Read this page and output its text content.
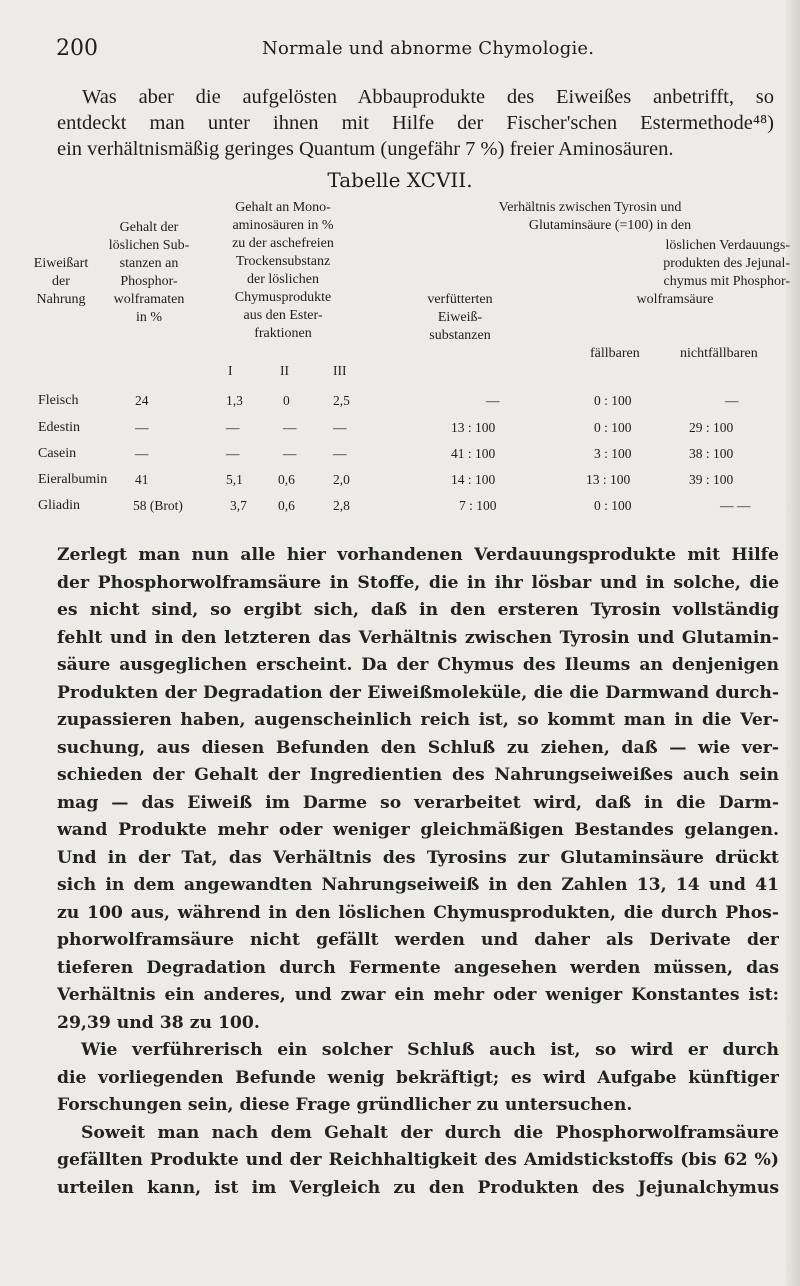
200	Normale und abnorme Chymologie.

Was aber die aufgelösten Abbauprodukte des Eiweißes anbetrifft, so
entdeckt man unter ihnen mit Hilfe der Fischer'schen Estermethode⁴⁸)
ein verhältnismäßig geringes Quantum (ungefähr 7 %) freier Aminosäuren.

Tabelle XCVII.
Eiweißart
der
Nahrung
Gehalt der
löslichen Sub-
stanzen an
Phosphor-
wolframaten
in %
Gehalt an Mono-
aminosäuren in %
zu der aschefreien
Trockensubstanz
der löslichen
Chymusprodukte
aus den Ester-
fraktionen
I	II	III
Verhältnis zwischen Tyrosin und
Glutaminsäure (=100) in den
verfütterten
Eiweiß-
substanzen
löslichen Verdauungs-
produkten des Jejunal-
chymus mit Phosphor-
wolframsäure
fällbaren	nichtfällbaren
Fleisch	24	1,3	0	2,5	—	0 : 100	—
Edestin	—	—	—	—	13 : 100	0 : 100	29 : 100
Casein	—	—	—	—	41 : 100	3 : 100	38 : 100
Eieralbumin 41	5,1	0,6	2,0	14 : 100	13 : 100	39 : 100
Gliadin	58 (Brot)	3,7 0,6	2,8	7 : 100	0 : 100	— —
Zerlegt man nun alle hier vorhandenen Verdauungsprodukte mit Hilfe
der Phosphorwolframsäure in Stoffe, die in ihr lösbar und in solche, die
es nicht sind, so ergibt sich, daß in den ersteren Tyrosin vollständig
fehlt und in den letzteren das Verhältnis zwischen Tyrosin und Glutamin-
säure ausgeglichen erscheint. Da der Chymus des Ileums an denjenigen
Produkten der Degradation der Eiweißmoleküle, die die Darmwand durch-
zupassieren haben, augenscheinlich reich ist, so kommt man in die Ver-
suchung, aus diesen Befunden den Schluß zu ziehen, daß — wie ver-
schieden der Gehalt der Ingredientien des Nahrungseiweißes auch sein
mag — das Eiweiß im Darme so verarbeitet wird, daß in die Darm-
wand Produkte mehr oder weniger gleichmäßigen Bestandes gelangen.
Und in der Tat, das Verhältnis des Tyrosins zur Glutaminsäure drückt
sich in dem angewandten Nahrungseiweiß in den Zahlen 13, 14 und 41
zu 100 aus, während in den löslichen Chymusprodukten, die durch Phos-
phorwolframsäure nicht gefällt werden und daher als Derivate der
tieferen Degradation durch Fermente angesehen werden müssen, das
Verhältnis ein anderes, und zwar ein mehr oder weniger Konstantes ist:
29,39 und 38 zu 100.
Wie verführerisch ein solcher Schluß auch ist, so wird er durch
die vorliegenden Befunde wenig bekräftigt; es wird Aufgabe künftiger
Forschungen sein, diese Frage gründlicher zu untersuchen.
Soweit man nach dem Gehalt der durch die Phosphorwolframsäure
gefällten Produkte und der Reichhaltigkeit des Amidstickstoffs (bis 62 %)
urteilen kann, ist im Vergleich zu den Produkten des Jejunalchymus
